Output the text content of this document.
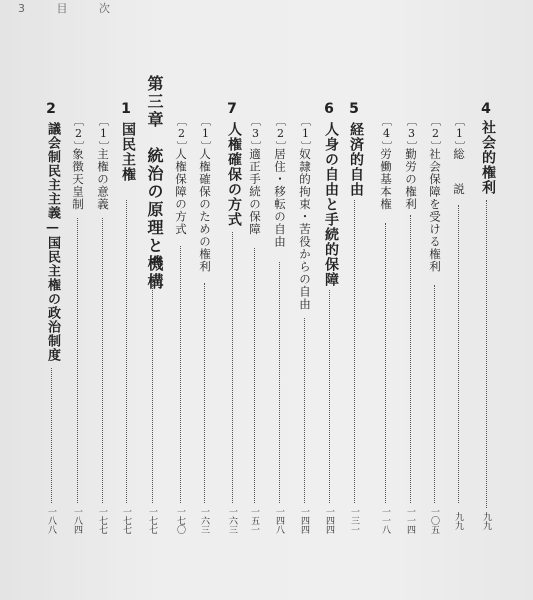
3 目 次
4
社会的権利
九九
〔1〕
総　説
九九
〔2〕
社会保障を受ける権利
一〇五
〔3〕
勤労の権利
一一四
〔4〕
労働基本権
一一八
5
経済的自由
一三一
6
人身の自由と手続的保障
一四四
〔1〕
奴隷的拘束・苦役からの自由
一四四
〔2〕
居住・移転の自由
一四八
〔3〕
適正手続の保障
一五一
7
人権確保の方式
一六三
〔1〕
人権確保のための権利
一六三
〔2〕
人権保障の方式
一七〇
第三章　統治の原理と機構
一七七
1
国民主権
一七七
〔1〕
主権の意義
一七七
〔2〕
象徴天皇制
一八四
2
議会制民主主義—国民主権の政治制度
一八八
